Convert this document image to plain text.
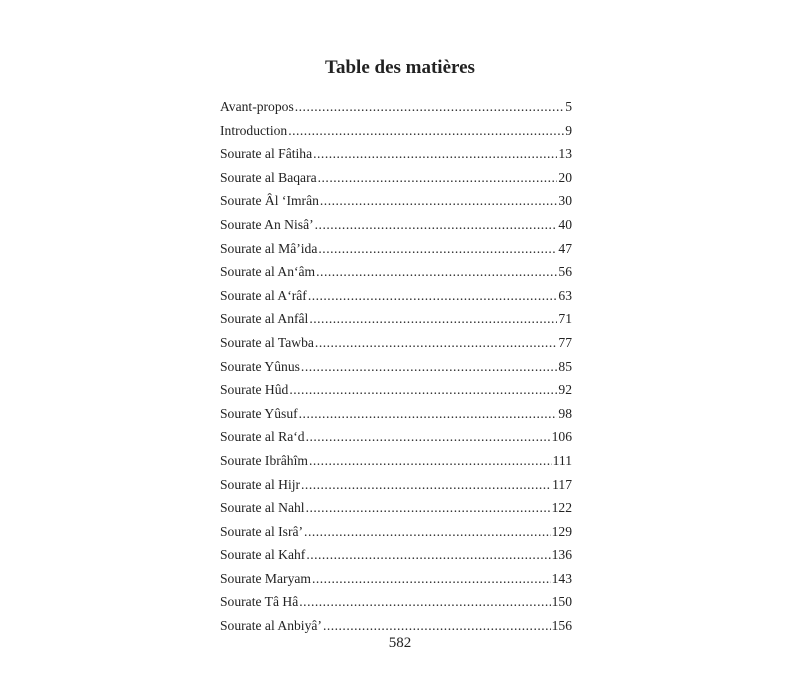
Table des matières
Avant-propos .....	5
Introduction .....	9
Sourate al Fâtiha .....	13
Sourate al Baqara .....	20
Sourate Âl ‘Imrân .....	30
Sourate An Nisâ’ .....	40
Sourate al Mâ’ida .....	47
Sourate al An‘âm .....	56
Sourate al A‘râf .....	63
Sourate al Anfâl .....	71
Sourate al Tawba .....	77
Sourate Yûnus .....	85
Sourate Hûd .....	92
Sourate Yûsuf .....	98
Sourate al Ra‘d .....	106
Sourate Ibrâhîm .....	111
Sourate al Hijr .....	117
Sourate al Nahl .....	122
Sourate al Isrâ’ .....	129
Sourate al Kahf .....	136
Sourate Maryam .....	143
Sourate Tâ Hâ .....	150
Sourate al Anbiyâ’ .....	156
582
